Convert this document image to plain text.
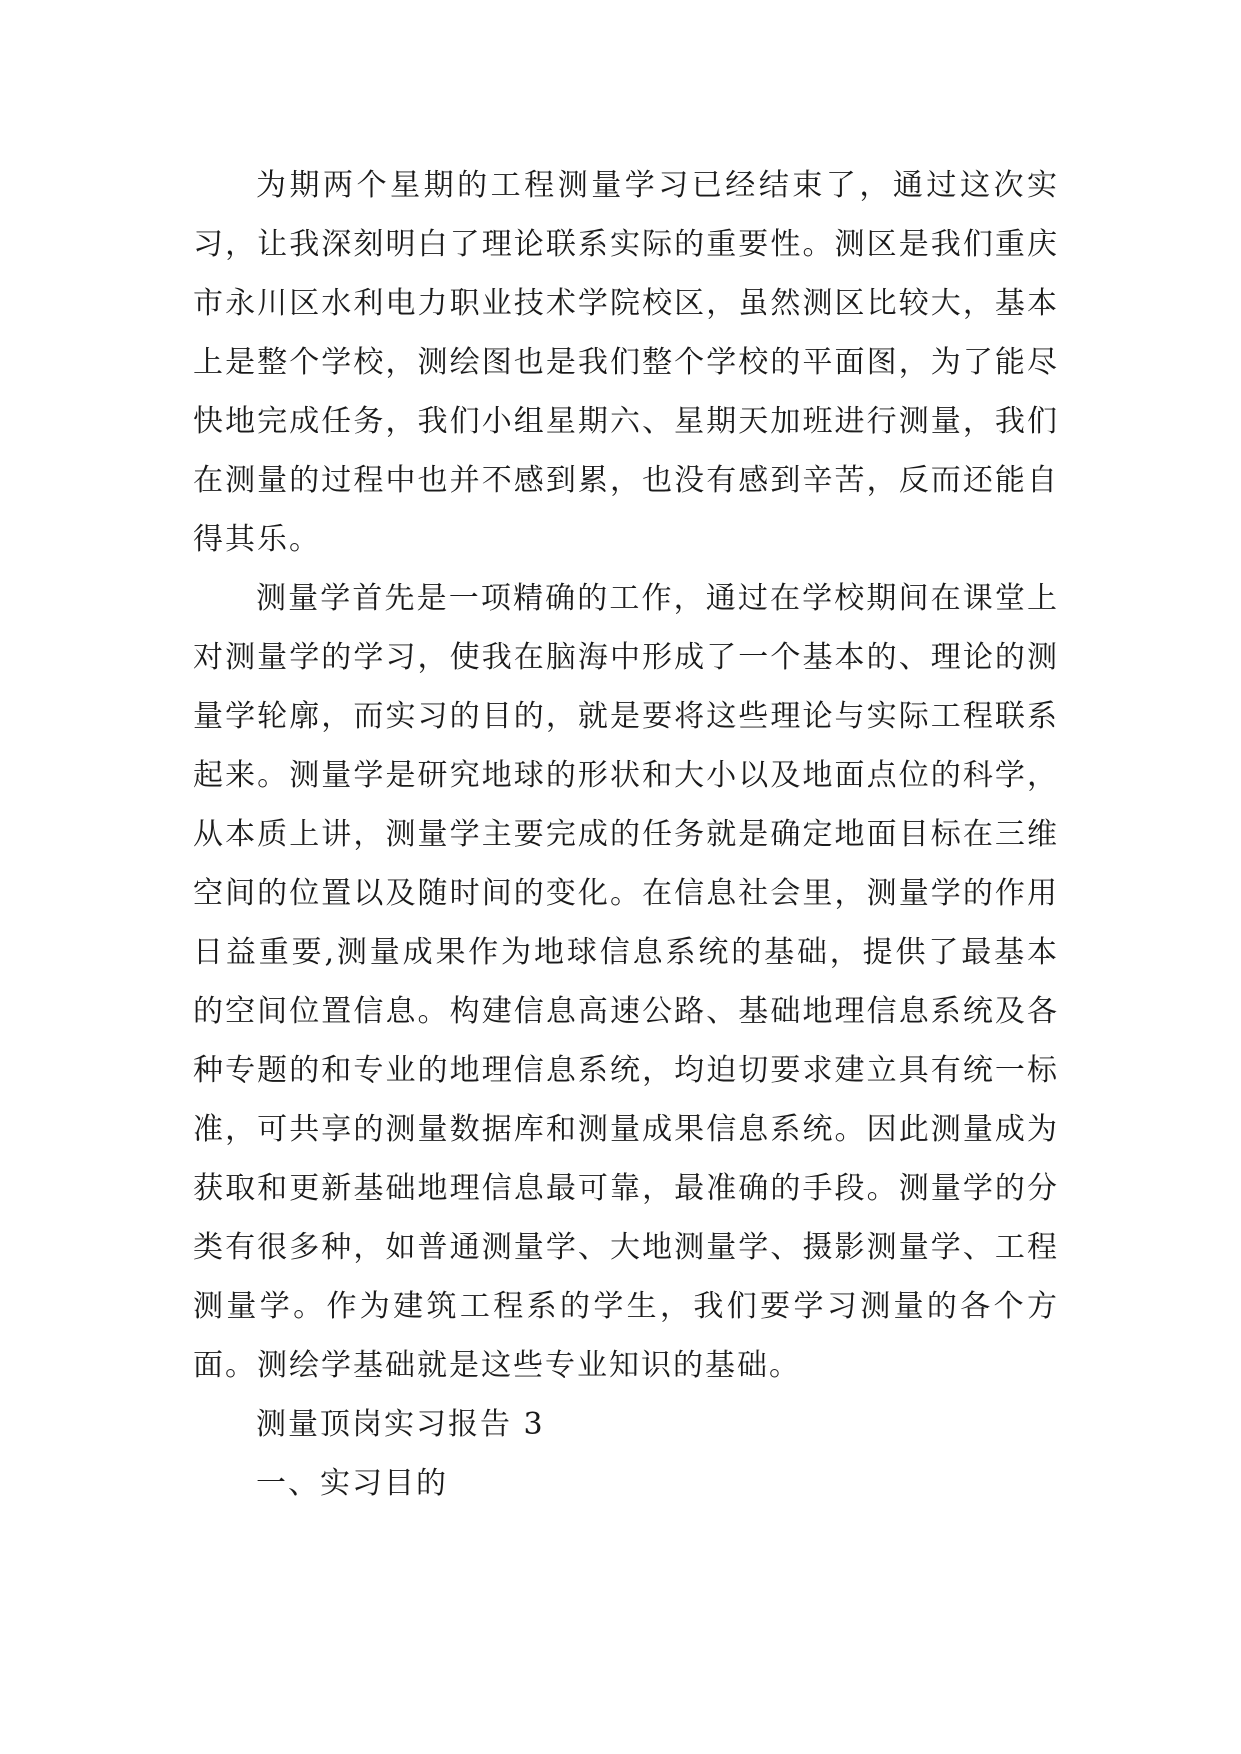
为期两个星期的工程测量学习已经结束了，通过这次实习，让我深刻明白了理论联系实际的重要性。测区是我们重庆市永川区水利电力职业技术学院校区，虽然测区比较大，基本上是整个学校，测绘图也是我们整个学校的平面图，为了能尽快地完成任务，我们小组星期六、星期天加班进行测量，我们在测量的过程中也并不感到累，也没有感到辛苦，反而还能自得其乐。

测量学首先是一项精确的工作，通过在学校期间在课堂上对测量学的学习，使我在脑海中形成了一个基本的、理论的测量学轮廓，而实习的目的，就是要将这些理论与实际工程联系起来。测量学是研究地球的形状和大小以及地面点位的科学，从本质上讲，测量学主要完成的任务就是确定地面目标在三维空间的位置以及随时间的变化。在信息社会里，测量学的作用日益重要,测量成果作为地球信息系统的基础，提供了最基本的空间位置信息。构建信息高速公路、基础地理信息系统及各种专题的和专业的地理信息系统，均迫切要求建立具有统一标准，可共享的测量数据库和测量成果信息系统。因此测量成为获取和更新基础地理信息最可靠，最准确的手段。测量学的分类有很多种，如普通测量学、大地测量学、摄影测量学、工程测量学。作为建筑工程系的学生，我们要学习测量的各个方面。测绘学基础就是这些专业知识的基础。

测量顶岗实习报告 3

一、实习目的
